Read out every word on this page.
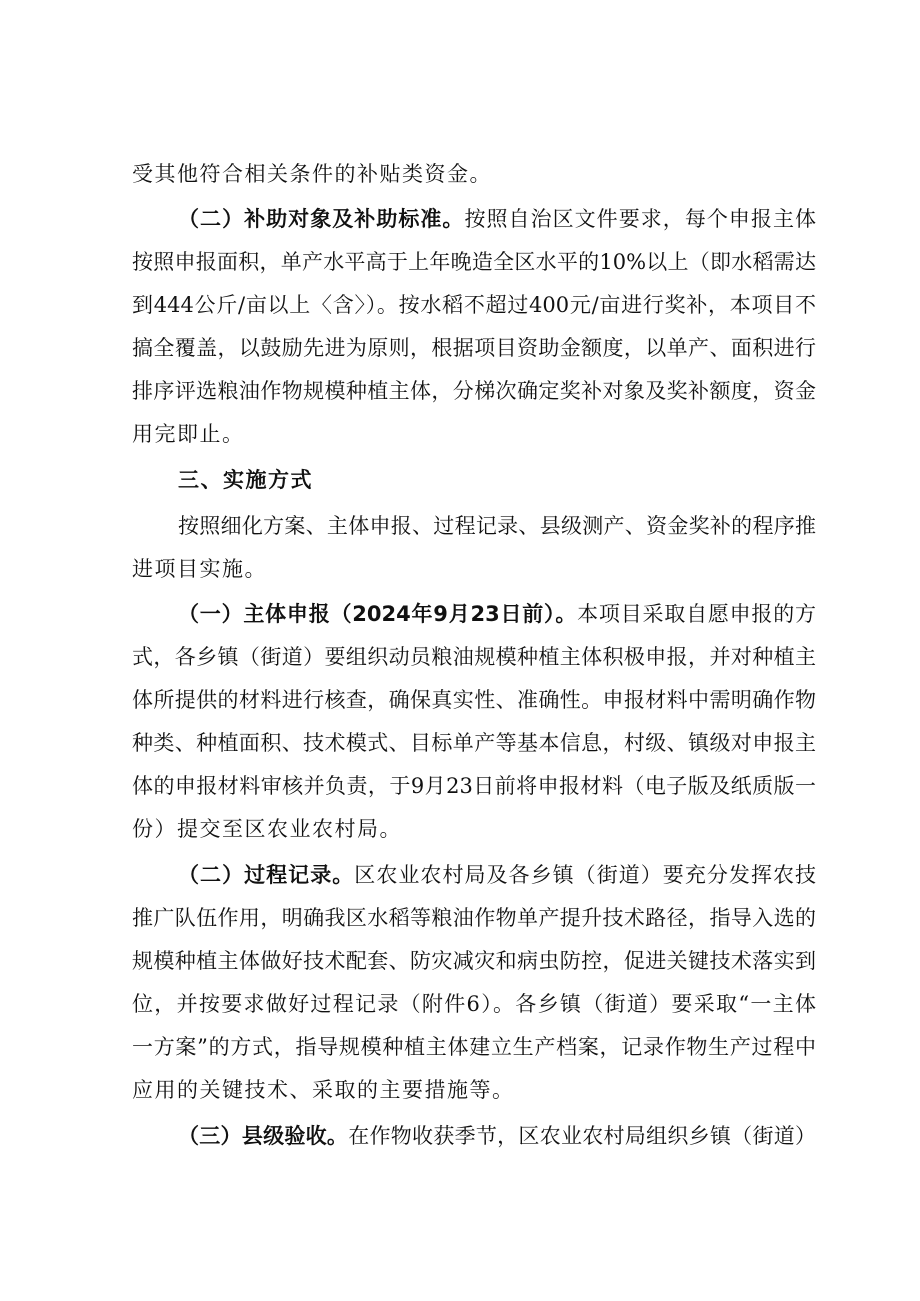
受其他符合相关条件的补贴类资金。
（二）补助对象及补助标准。按照自治区文件要求，每个申报主体
按照申报面积，单产水平高于上年晚造全区水平的10%以上（即水稻需达
到444公斤/亩以上〈含〉）。按水稻不超过400元/亩进行奖补，本项目不
搞全覆盖，以鼓励先进为原则，根据项目资助金额度，以单产、面积进行
排序评选粮油作物规模种植主体，分梯次确定奖补对象及奖补额度，资金
用完即止。
三、实施方式
按照细化方案、主体申报、过程记录、县级测产、资金奖补的程序推
进项目实施。
（一）主体申报（2024年9月23日前）。本项目采取自愿申报的方
式，各乡镇（街道）要组织动员粮油规模种植主体积极申报，并对种植主
体所提供的材料进行核查，确保真实性、准确性。申报材料中需明确作物
种类、种植面积、技术模式、目标单产等基本信息，村级、镇级对申报主
体的申报材料审核并负责，于9月23日前将申报材料（电子版及纸质版一
份）提交至区农业农村局。
（二）过程记录。区农业农村局及各乡镇（街道）要充分发挥农技
推广队伍作用，明确我区水稻等粮油作物单产提升技术路径，指导入选的
规模种植主体做好技术配套、防灾减灾和病虫防控，促进关键技术落实到
位，并按要求做好过程记录（附件6）。各乡镇（街道）要采取“一主体
一方案”的方式，指导规模种植主体建立生产档案，记录作物生产过程中
应用的关键技术、采取的主要措施等。
（三）县级验收。在作物收获季节，区农业农村局组织乡镇（街道）
